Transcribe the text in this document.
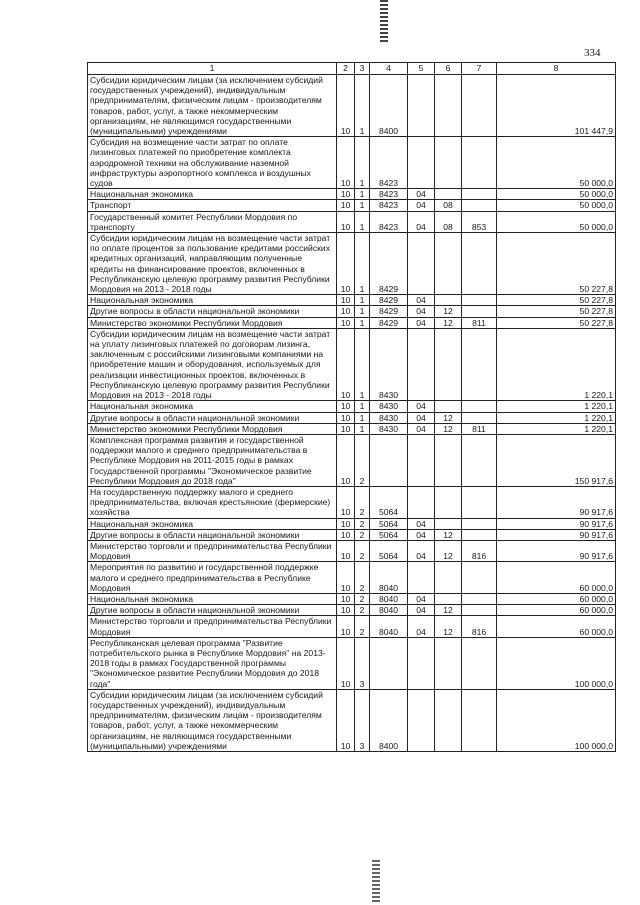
334
1	2	3	4	5	6	7	8
Субсидии юридическим лицам (за исключением субсидий государственных учреждений), индивидуальным предпринимателям, физическим лицам - производителям товаров, работ, услуг, а также некоммерческим организациям, не являющимся государственными (муниципальными) учреждениями	10	1	8400				101 447,9
Субсидия на возмещение части затрат по оплате лизинговых платежей по приобретение комплекта аэродромной техники на обслуживание наземной инфраструктуры аэропортного комплекса и воздушных судов	10	1	8423				50 000,0
Национальная экономика	10	1	8423	04			50 000,0
Транспорт	10	1	8423	04	08		50 000,0
Государственный комитет Республики Мордовия по транспорту	10	1	8423	04	08	853	50 000,0
Субсидии юридическим лицам на возмещение части затрат по оплате процентов за пользование кредитами российских кредитных организаций, направляющим полученные кредиты на финансирование проектов, включенных в Республиканскую целевую программу развития Республики Мордовия на 2013 - 2018 годы	10	1	8429				50 227,8
Национальная экономика	10	1	8429	04			50 227,8
Другие вопросы в области национальной экономики	10	1	8429	04	12		50 227,8
Министерство экономики Республики Мордовия	10	1	8429	04	12	811	50 227,8
Субсидии юридическим лицам на возмещение части затрат на уплату лизинговых платежей по договорам лизинга, заключенным с российскими лизинговыми компаниями на приобретение машин и оборудования, используемых для реализации инвестиционных проектов, включенных в Республиканскую целевую программу развития Республики Мордовия на 2013 - 2018 годы	10	1	8430				1 220,1
Национальная экономика	10	1	8430	04			1 220,1
Другие вопросы в области национальной экономики	10	1	8430	04	12		1 220,1
Министерство экономики Республики Мордовия	10	1	8430	04	12	811	1 220,1
Комплексная программа развития и государственной поддержки малого и среднего предпринимательства в Республике Мордовия на 2011-2015 годы в рамках Государственной программы "Экономическое развитие Республики Мордовия до 2018 года"	10	2					150 917,6
На государственную поддержку малого и среднего предпринимательства, включая крестьянские (фермерские) хозяйства	10	2	5064				90 917,6
Национальная экономика	10	2	5064	04			90 917,6
Другие вопросы в области национальной экономики	10	2	5064	04	12		90 917,6
Министерство торговли и предпринимательства Республики Мордовия	10	2	5064	04	12	816	90 917,6
Мероприятия по развитию и государственной поддержке малого и среднего предпринимательства в Республике Мордовия	10	2	8040				60 000,0
Национальная экономика	10	2	8040	04			60 000,0
Другие вопросы в области национальной экономики	10	2	8040	04	12		60 000,0
Министерство торговли и предпринимательства Республики Мордовия	10	2	8040	04	12	816	60 000,0
Республиканская целевая программа "Развитие потребительского рынка в Республике Мордовия" на 2013-2018 годы в рамках Государственной программы "Экономическое развитие Республики Мордовия до 2018 года"	10	3					100 000,0
Субсидии юридическим лицам (за исключением субсидий государственных учреждений), индивидуальным предпринимателям, физическим лицам - производителям товаров, работ, услуг, а также некоммерческим организациям, не являющимся государственными (муниципальными) учреждениями	10	3	8400				100 000,0
